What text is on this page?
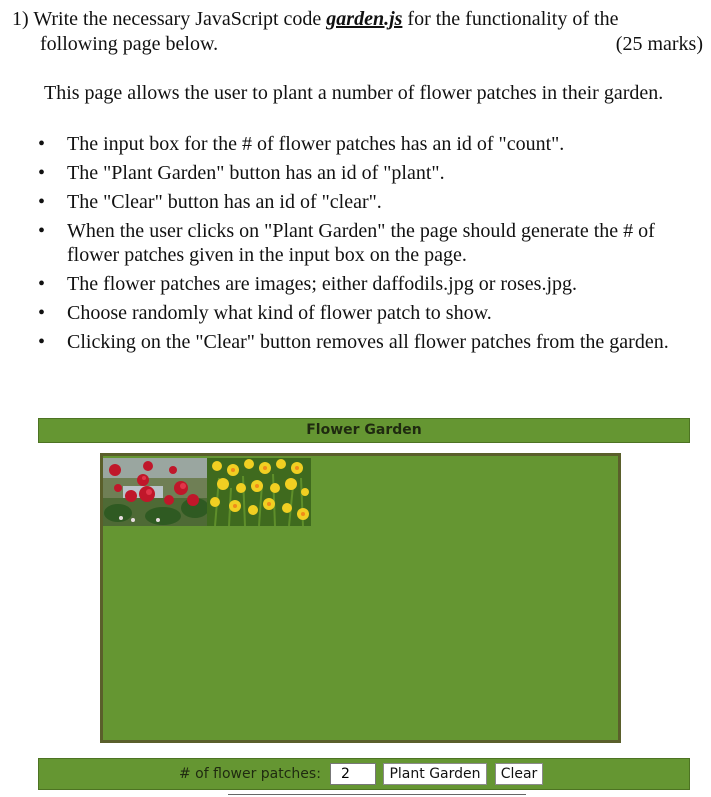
1) Write the necessary JavaScript code garden.js for the functionality of the
following page below.	(25 marks)
This page allows the user to plant a number of flower patches in their garden.
• The input box for the # of flower patches has an id of "count".
• The "Plant Garden" button has an id of "plant".
• The "Clear" button has an id of "clear".
• When the user clicks on "Plant Garden" the page should generate the # of flower patches given in the input box on the page.
• The flower patches are images; either daffodils.jpg or roses.jpg.
• Choose randomly what kind of flower patch to show.
• Clicking on the "Clear" button removes all flower patches from the garden.
Flower Garden
# of flower patches:
2	Plant Garden	Clear
